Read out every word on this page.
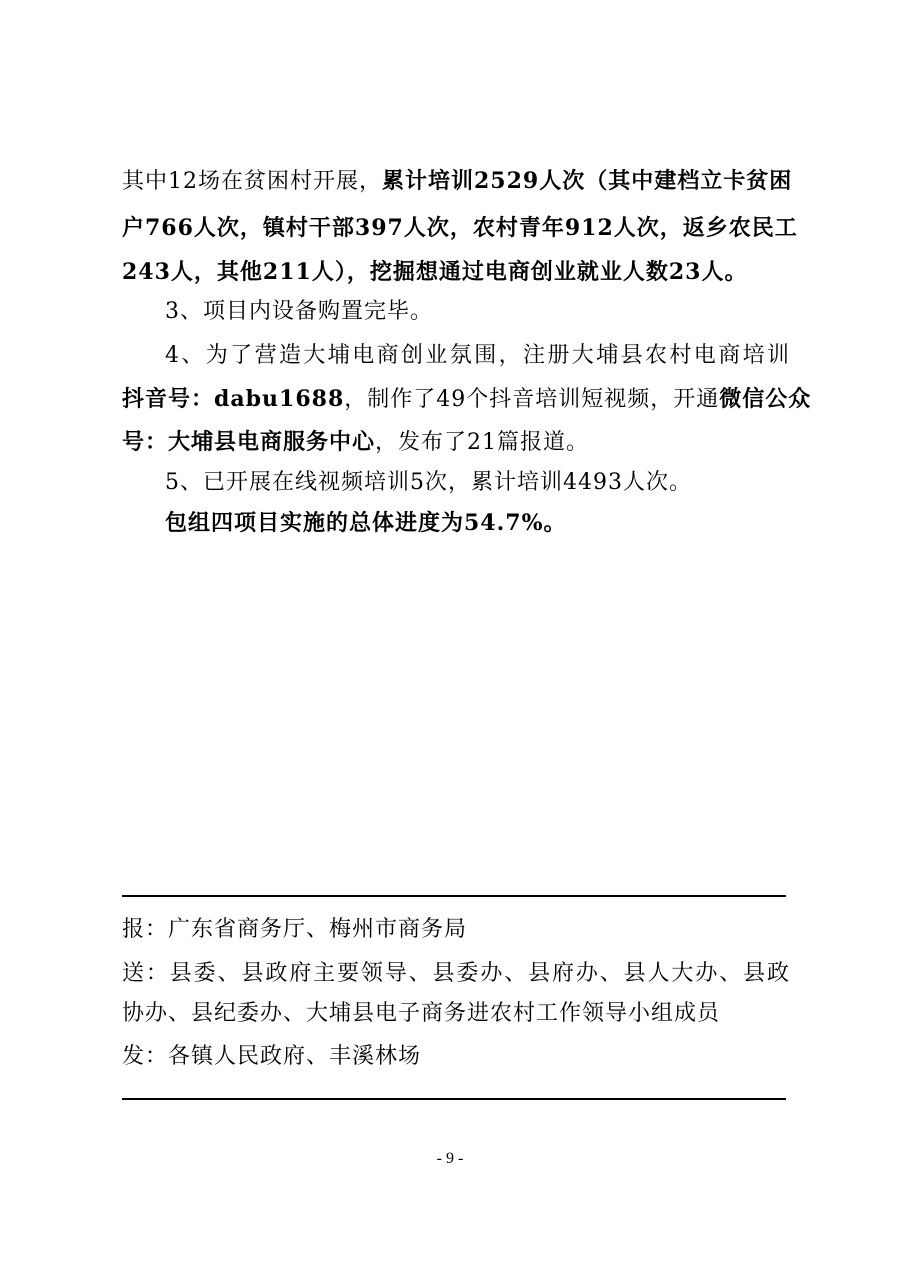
其中12场在贫困村开展，累计培训2529人次（其中建档立卡贫困
户766人次，镇村干部397人次，农村青年912人次，返乡农民工
243人，其他211人），挖掘想通过电商创业就业人数23人。
3、项目内设备购置完毕。
4、为了营造大埔电商创业氛围，注册大埔县农村电商培训
抖音号：dabu1688，制作了49个抖音培训短视频，开通微信公众
号：大埔县电商服务中心，发布了21篇报道。
5、已开展在线视频培训5次，累计培训4493人次。
包组四项目实施的总体进度为54.7%。
报：广东省商务厅、梅州市商务局
送：县委、县政府主要领导、县委办、县府办、县人大办、县政
协办、县纪委办、大埔县电子商务进农村工作领导小组成员
发：各镇人民政府、丰溪林场
- 9 -
